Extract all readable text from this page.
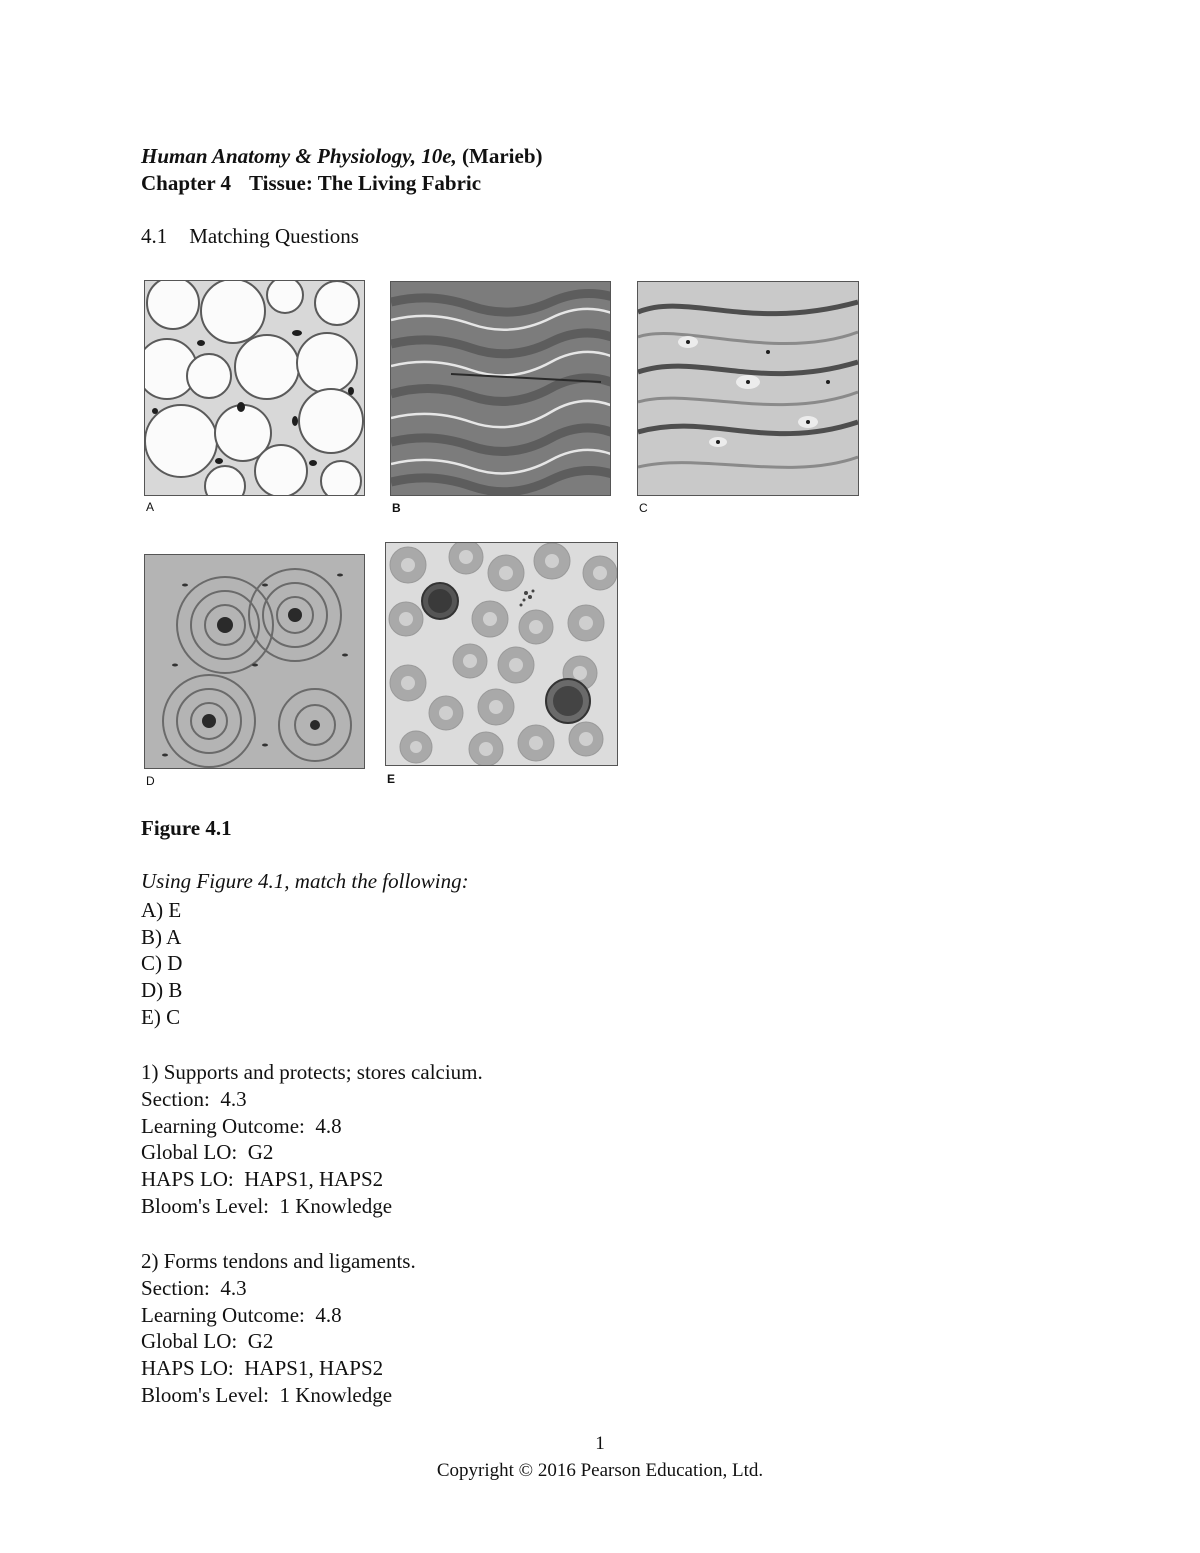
Human Anatomy & Physiology, 10e, (Marieb)
Chapter 4 Tissue: The Living Fabric
4.1 Matching Questions
A	B	C
D	E
Figure 4.1
Using Figure 4.1, match the following:
A) E
B) A
C) D
D) B
E) C
1) Supports and protects; stores calcium.
Section:  4.3
Learning Outcome:  4.8
Global LO:  G2
HAPS LO:  HAPS1, HAPS2
Bloom's Level:  1 Knowledge
2) Forms tendons and ligaments.
Section:  4.3
Learning Outcome:  4.8
Global LO:  G2
HAPS LO:  HAPS1, HAPS2
Bloom's Level:  1 Knowledge
1
Copyright © 2016 Pearson Education, Ltd.
